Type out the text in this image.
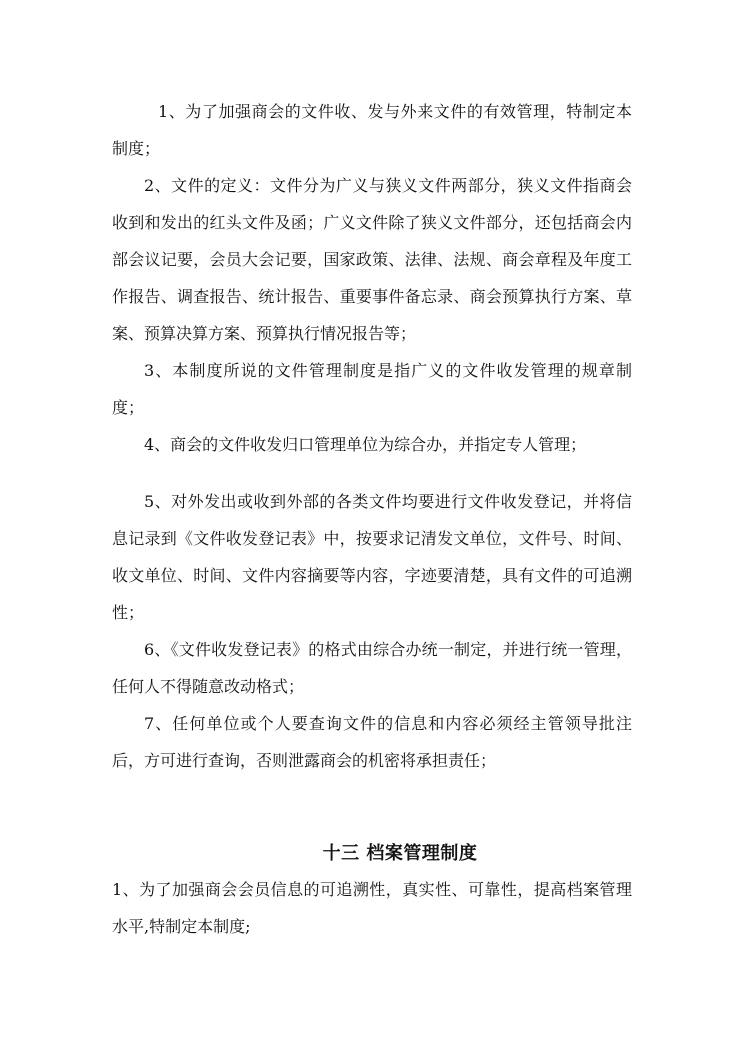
1、为了加强商会的文件收、发与外来文件的有效管理，特制定本制度；

2、文件的定义：文件分为广义与狭义文件两部分，狭义文件指商会收到和发出的红头文件及函；广义文件除了狭义文件部分，还包括商会内部会议记要，会员大会记要，国家政策、法律、法规、商会章程及年度工作报告、调查报告、统计报告、重要事件备忘录、商会预算执行方案、草案、预算决算方案、预算执行情况报告等；

3、本制度所说的文件管理制度是指广义的文件收发管理的规章制度；

4、商会的文件收发归口管理单位为综合办，并指定专人管理；

5、对外发出或收到外部的各类文件均要进行文件收发登记，并将信息记录到《文件收发登记表》中，按要求记清发文单位，文件号、时间、收文单位、时间、文件内容摘要等内容，字迹要清楚，具有文件的可追溯性；

6、《文件收发登记表》的格式由综合办统一制定，并进行统一管理，任何人不得随意改动格式；

7、任何单位或个人要查询文件的信息和内容必须经主管领导批注后，方可进行查询，否则泄露商会的机密将承担责任；

十三 档案管理制度

1、为了加强商会会员信息的可追溯性，真实性、可靠性，提高档案管理水平,特制定本制度;
